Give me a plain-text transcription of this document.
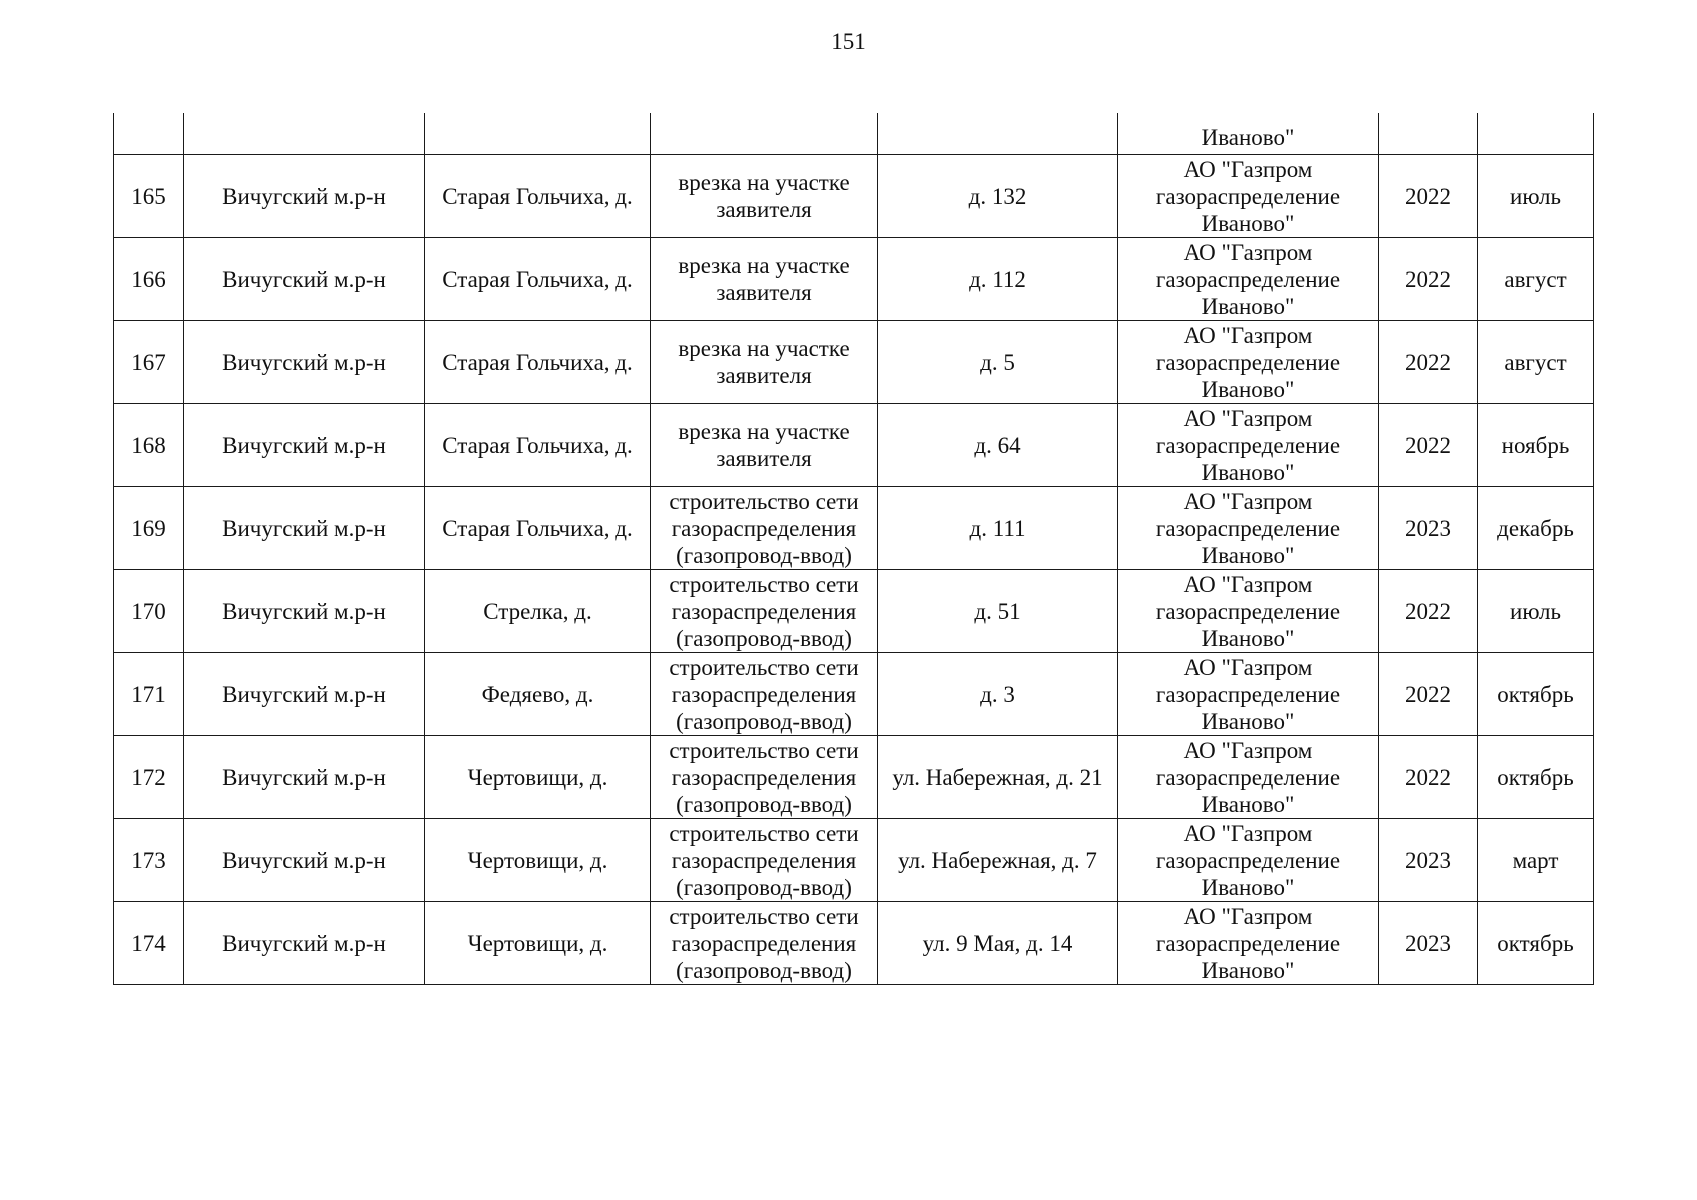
151
					Иваново"		
165	Вичугский м.р-н	Старая Гольчиха, д.	врезка на участке заявителя	д. 132	АО "Газпром газораспределение Иваново"	2022	июль
166	Вичугский м.р-н	Старая Гольчиха, д.	врезка на участке заявителя	д. 112	АО "Газпром газораспределение Иваново"	2022	август
167	Вичугский м.р-н	Старая Гольчиха, д.	врезка на участке заявителя	д. 5	АО "Газпром газораспределение Иваново"	2022	август
168	Вичугский м.р-н	Старая Гольчиха, д.	врезка на участке заявителя	д. 64	АО "Газпром газораспределение Иваново"	2022	ноябрь
169	Вичугский м.р-н	Старая Гольчиха, д.	строительство сети газораспределения (газопровод-ввод)	д. 111	АО "Газпром газораспределение Иваново"	2023	декабрь
170	Вичугский м.р-н	Стрелка, д.	строительство сети газораспределения (газопровод-ввод)	д. 51	АО "Газпром газораспределение Иваново"	2022	июль
171	Вичугский м.р-н	Федяево, д.	строительство сети газораспределения (газопровод-ввод)	д. 3	АО "Газпром газораспределение Иваново"	2022	октябрь
172	Вичугский м.р-н	Чертовищи, д.	строительство сети газораспределения (газопровод-ввод)	ул. Набережная, д. 21	АО "Газпром газораспределение Иваново"	2022	октябрь
173	Вичугский м.р-н	Чертовищи, д.	строительство сети газораспределения (газопровод-ввод)	ул. Набережная, д. 7	АО "Газпром газораспределение Иваново"	2023	март
174	Вичугский м.р-н	Чертовищи, д.	строительство сети газораспределения (газопровод-ввод)	ул. 9 Мая, д. 14	АО "Газпром газораспределение Иваново"	2023	октябрь
